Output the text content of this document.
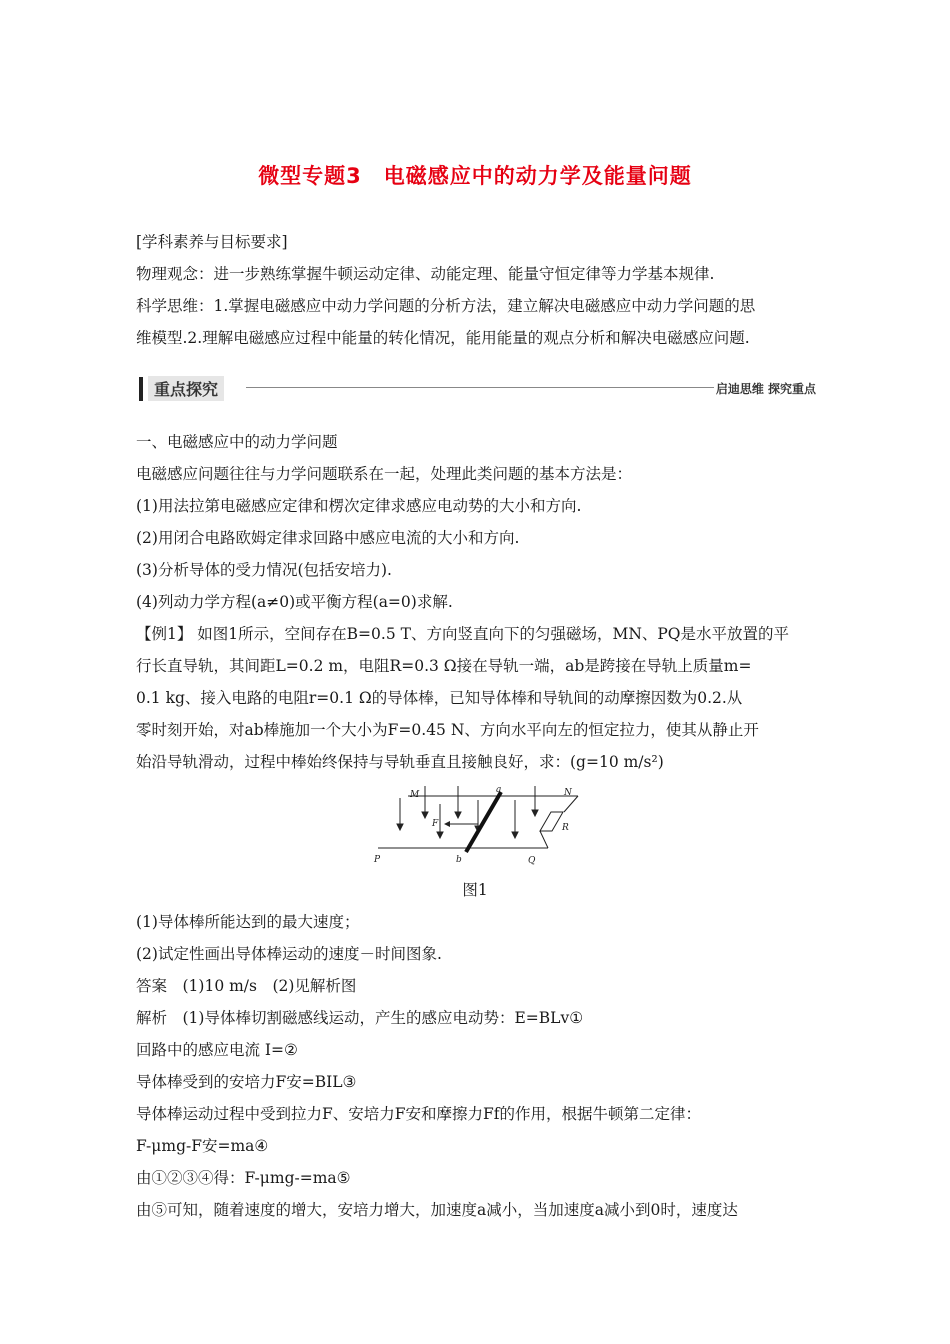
微型专题3　电磁感应中的动力学及能量问题
[学科素养与目标要求]
物理观念：进一步熟练掌握牛顿运动定律、动能定理、能量守恒定律等力学基本规律.
科学思维：1.掌握电磁感应中动力学问题的分析方法，建立解决电磁感应中动力学问题的思
维模型.2.理解电磁感应过程中能量的转化情况，能用能量的观点分析和解决电磁感应问题.
重点探究	启迪思维 探究重点
一、电磁感应中的动力学问题
电磁感应问题往往与力学问题联系在一起，处理此类问题的基本方法是：
(1)用法拉第电磁感应定律和楞次定律求感应电动势的大小和方向.
(2)用闭合电路欧姆定律求回路中感应电流的大小和方向.
(3)分析导体的受力情况(包括安培力).
(4)列动力学方程(a≠0)或平衡方程(a=0)求解.
【例1】 如图1所示，空间存在B=0.5 T、方向竖直向下的匀强磁场，MN、PQ是水平放置的平
行长直导轨，其间距L=0.2 m，电阻R=0.3 Ω接在导轨一端，ab是跨接在导轨上质量m=
0.1 kg、接入电路的电阻r=0.1 Ω的导体棒，已知导体棒和导轨间的动摩擦因数为0.2.从
零时刻开始，对ab棒施加一个大小为F=0.45 N、方向水平向左的恒定拉力，使其从静止开
始沿导轨滑动，过程中棒始终保持与导轨垂直且接触良好，求：(g=10 m/s²)
M	N
P	Q
a
b
F	R
图1
(1)导体棒所能达到的最大速度；
(2)试定性画出导体棒运动的速度－时间图象.
答案　(1)10 m/s　(2)见解析图
解析　(1)导体棒切割磁感线运动，产生的感应电动势：E=BLv①
回路中的感应电流 I=②
导体棒受到的安培力F安=BIL③
导体棒运动过程中受到拉力F、安培力F安和摩擦力Ff的作用，根据牛顿第二定律：
F-μmg-F安=ma④
由①②③④得：F-μmg-=ma⑤
由⑤可知，随着速度的增大，安培力增大，加速度a减小，当加速度a减小到0时，速度达
